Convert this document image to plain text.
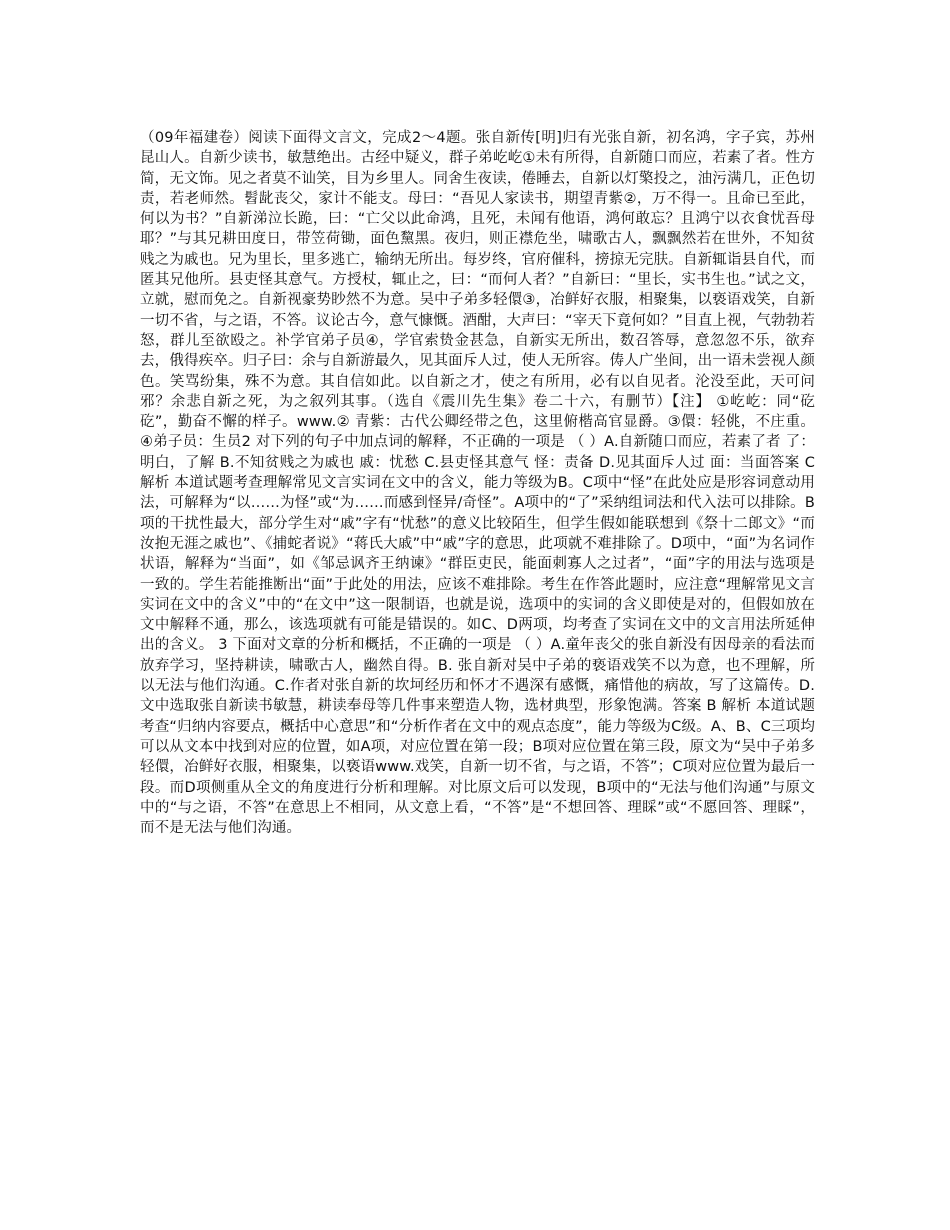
（09年福建卷）阅读下面得文言文，完成2～4题。张自新传[明]归有光张自新，初名鸿，字子宾，苏州昆山人。自新少读书，敏慧绝出。古经中疑义，群子弟屹屹①未有所得，自新随口而应，若素了者。性方简，无文饰。见之者莫不讪笑，目为乡里人。同舍生夜读，倦睡去，自新以灯檠投之，油污满几，正色切责，若老师然。髫龀丧父，家计不能支。母曰：“吾见人家读书，期望青紫②，万不得一。且命已至此，何以为书？”自新涕泣长跪，曰：“亡父以此命鸿，且死，未闻有他语，鸿何敢忘？且鸿宁以衣食忧吾母耶？”与其兄耕田度日，带笠荷锄，面色黧黑。夜归，则正襟危坐，啸歌古人，飘飘然若在世外，不知贫贱之为戚也。兄为里长，里多逃亡，输纳无所出。每岁终，官府催科，搒掠无完肤。自新辄诣县自代，而匿其兄他所。县吏怪其意气。方授杖，辄止之，曰：“而何人者？”自新曰：“里长，实书生也。”试之文，立就，慰而免之。自新视豪势眇然不为意。吴中子弟多轻儇③，冶鲜好衣服，相聚集，以亵语戏笑，自新一切不省，与之语，不答。议论古今，意气慷慨。酒酣，大声曰：“宰天下竟何如？”目直上视，气勃勃若怒，群儿至欲殴之。补学官弟子员④，学官索贽金甚急，自新实无所出，数召答辱，意忽忽不乐，欲弃去，俄得疾卒。归子曰：余与自新游最久，见其面斥人过，使人无所容。俦人广坐间，出一语未尝视人颜色。笑骂纷集，殊不为意。其自信如此。以自新之才，使之有所用，必有以自见者。沦没至此，天可问邪？余悲自新之死，为之叙列其事。（选自《震川先生集》卷二十六，有删节）【注】 ①屹屹：同“矻矻”，勤奋不懈的样子。www.② 青紫：古代公卿经带之色，这里俯楷高官显爵。③儇：轻佻，不庄重。④弟子员：生员2 对下列的句子中加点词的解释，不正确的一项是 （ ）A.自新随口而应，若素了者 了：明白，了解 B.不知贫贱之为戚也 戚：忧愁 C.县吏怪其意气 怪：责备 D.见其面斥人过 面：当面答案 C 解析 本道试题考查理解常见文言实词在文中的含义，能力等级为B。C项中“怪”在此处应是形容词意动用法，可解释为“以……为怪”或“为……而感到怪异/奇怪”。A项中的“了”采纳组词法和代入法可以排除。B项的干扰性最大，部分学生对“戚”字有“忧愁”的意义比较陌生，但学生假如能联想到《祭十二郎文》“而汝抱无涯之戚也”、《捕蛇者说》“蒋氏大戚”中“戚”字的意思，此项就不难排除了。D项中，“面”为名词作状语，解释为“当面”，如《邹忌讽齐王纳谏》“群臣吏民，能面刺寡人之过者”，“面”字的用法与选项是一致的。学生若能推断出“面”于此处的用法，应该不难排除。考生在作答此题时，应注意“理解常见文言实词在文中的含义”中的“在文中”这一限制语，也就是说，选项中的实词的含义即使是对的，但假如放在文中解释不通，那么，该选项就有可能是错误的。如C、D两项，均考查了实词在文中的文言用法所延伸出的含义。 3 下面对文章的分析和概括，不正确的一项是 （ ）A.童年丧父的张自新没有因母亲的看法而放弃学习，坚持耕读，啸歌古人，幽然自得。B. 张自新对吴中子弟的亵语戏笑不以为意，也不理解，所以无法与他们沟通。C.作者对张自新的坎坷经历和怀才不遇深有感慨，痛惜他的病故，写了这篇传。D.文中选取张自新读书敏慧，耕读奉母等几件事来塑造人物，选材典型，形象饱满。答案 B 解析 本道试题考查“归纳内容要点，概括中心意思”和“分析作者在文中的观点态度”，能力等级为C级。A、B、C三项均可以从文本中找到对应的位置，如A项，对应位置在第一段；B项对应位置在第三段，原文为“吴中子弟多轻儇，冶鲜好衣服，相聚集，以亵语www.戏笑，自新一切不省，与之语，不答”；C项对应位置为最后一段。而D项侧重从全文的角度进行分析和理解。对比原文后可以发现，B项中的“无法与他们沟通”与原文中的“与之语，不答”在意思上不相同，从文意上看，“不答”是“不想回答、理睬”或“不愿回答、理睬”，而不是无法与他们沟通。
